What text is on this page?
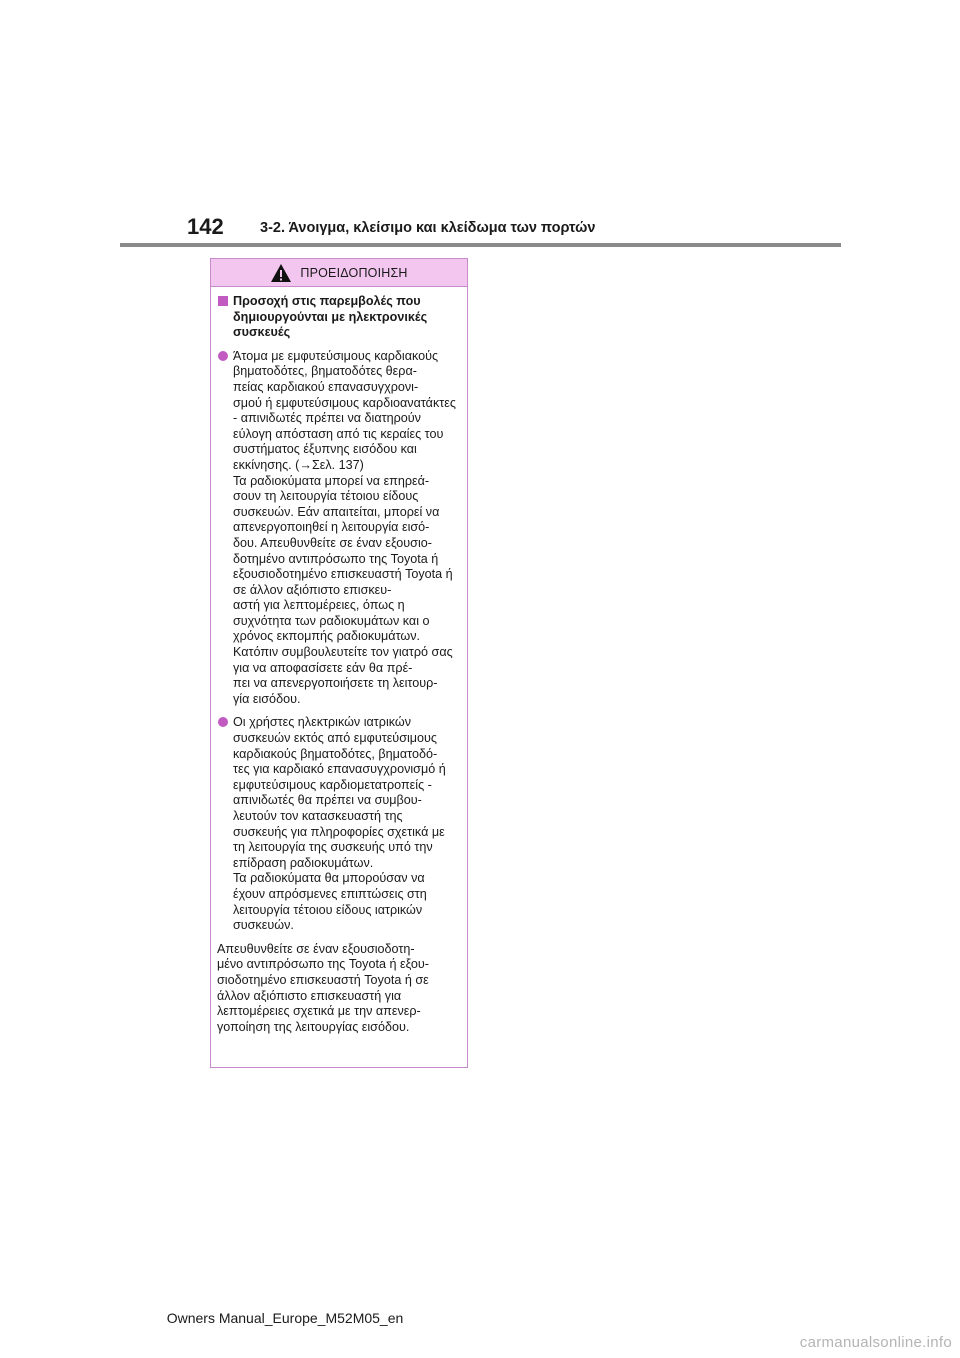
142	3-2. Άνοιγμα, κλείσιμο και κλείδωμα των πορτών
ΠΡΟΕΙΔΟΠΟΙΗΣΗ
Προσοχή στις παρεμβολές που δημιουργούνται με ηλεκτρονικές συσκευές
Άτομα με εμφυτεύσιμους καρδιακούς βηματοδότες, βηματοδότες θερα-
πείας καρδιακού επανασυγχρονι-
σμού ή εμφυτεύσιμους καρδιοανατάκτες - απινιδωτές πρέπει να διατηρούν εύλογη απόσταση από τις κεραίες του συστήματος έξυπνης εισόδου και εκκίνησης. (→Σελ. 137)
Τα ραδιοκύματα μπορεί να επηρεά-
σουν τη λειτουργία τέτοιου είδους συσκευών. Εάν απαιτείται, μπορεί να απενεργοποιηθεί η λειτουργία εισό-
δου. Απευθυνθείτε σε έναν εξουσιο-
δοτημένο αντιπρόσωπο της Toyota ή εξουσιοδοτημένο επισκευαστή Toyota ή σε άλλον αξιόπιστο επισκευ-
αστή για λεπτομέρειες, όπως η συχνότητα των ραδιοκυμάτων και ο χρόνος εκπομπής ραδιοκυμάτων.
Κατόπιν συμβουλευτείτε τον γιατρό σας για να αποφασίσετε εάν θα πρέ-
πει να απενεργοποιήσετε τη λειτουρ-
γία εισόδου.
Οι χρήστες ηλεκτρικών ιατρικών συσκευών εκτός από εμφυτεύσιμους καρδιακούς βηματοδότες, βηματοδό-
τες για καρδιακό επανασυγχρονισμό ή εμφυτεύσιμους καρδιομετατροπείς - απινιδωτές θα πρέπει να συμβου-
λευτούν τον κατασκευαστή της συσκευής για πληροφορίες σχετικά με τη λειτουργία της συσκευής υπό την επίδραση ραδιοκυμάτων.
Τα ραδιοκύματα θα μπορούσαν να έχουν απρόσμενες επιπτώσεις στη λειτουργία τέτοιου είδους ιατρικών συσκευών.
Απευθυνθείτε σε έναν εξουσιοδοτη-
μένο αντιπρόσωπο της Toyota ή εξου-
σιοδοτημένο επισκευαστή Toyota ή σε άλλον αξιόπιστο επισκευαστή για λεπτομέρειες σχετικά με την απενερ-
γοποίηση της λειτουργίας εισόδου.
Owners Manual_Europe_M52M05_en
carmanualsonline.info
